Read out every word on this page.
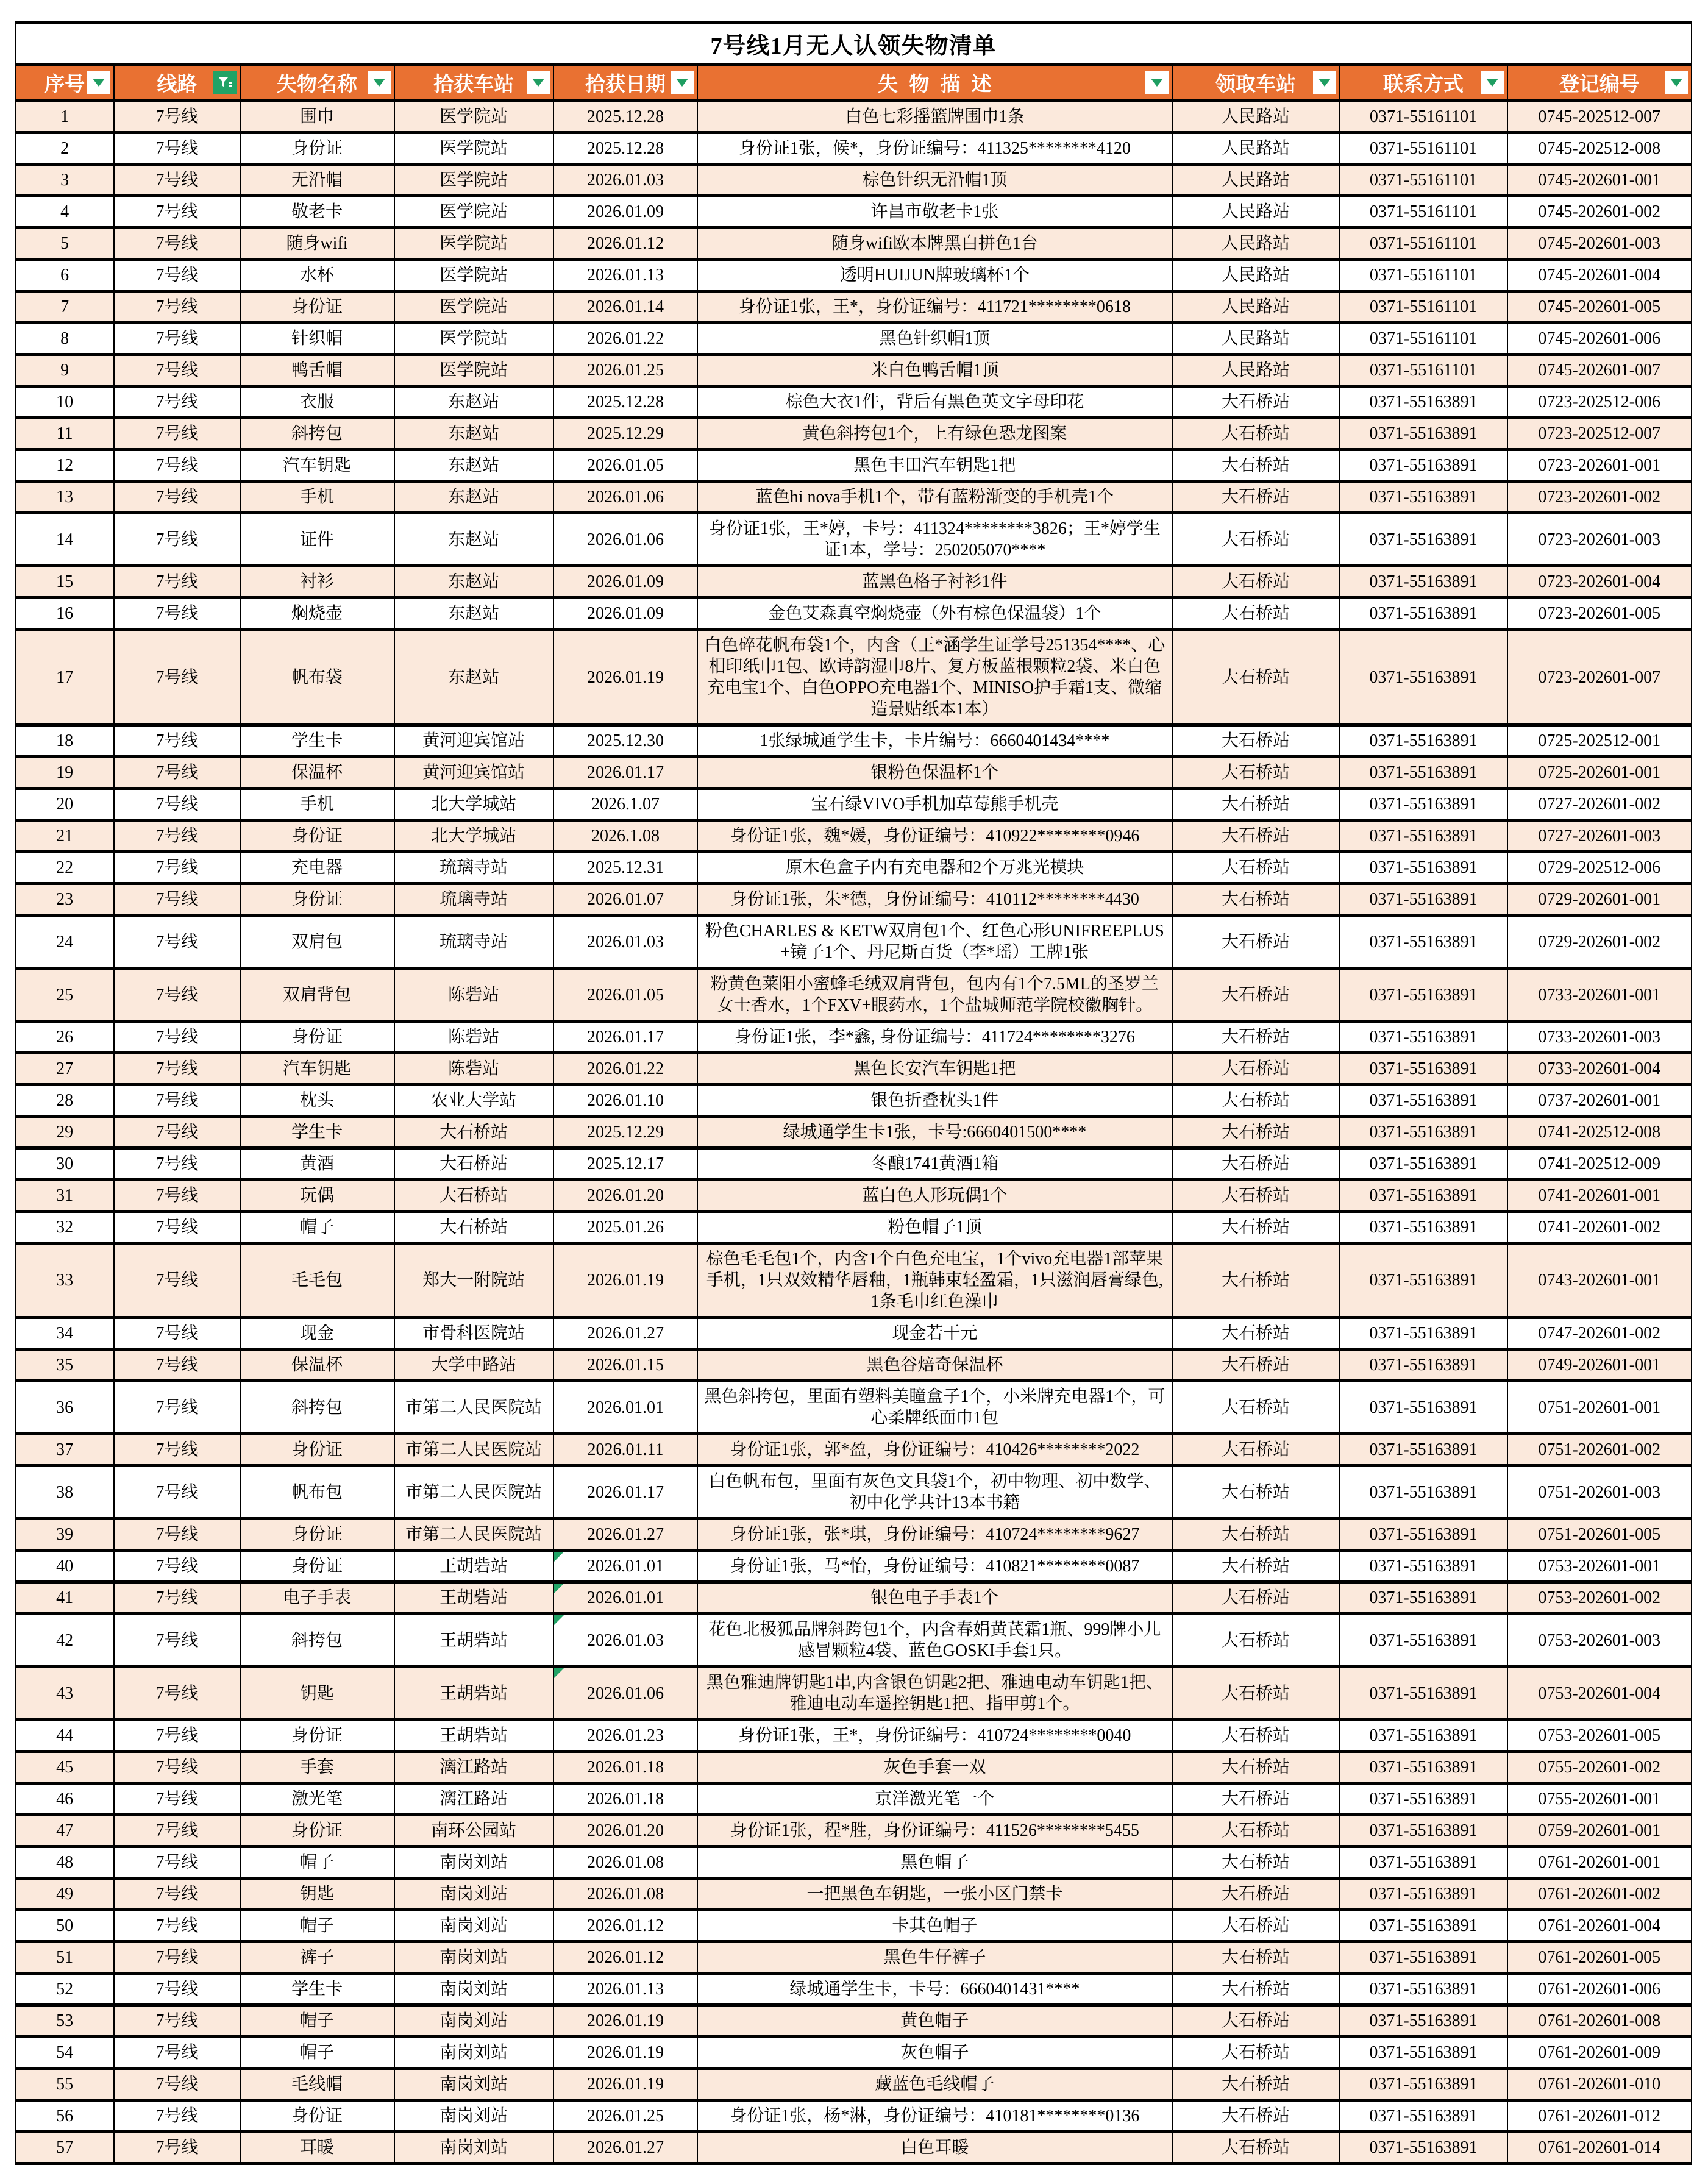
7号线1月无人认领失物清单								

序号	线路	失物名称	拾获车站	拾获日期	失物描述	领取车站	联系方式	登记编号

1	7号线	围巾	医学院站	2025.12.28	白色七彩摇篮牌围巾1条	人民路站	0371-55161101	0745-202512-007
2	7号线	身份证	医学院站	2025.12.28	身份证1张，候*，身份证编号：411325********4120	人民路站	0371-55161101	0745-202512-008
3	7号线	无沿帽	医学院站	2026.01.03	棕色针织无沿帽1顶	人民路站	0371-55161101	0745-202601-001
4	7号线	敬老卡	医学院站	2026.01.09	许昌市敬老卡1张	人民路站	0371-55161101	0745-202601-002
5	7号线	随身wifi	医学院站	2026.01.12	随身wifi欧本牌黑白拼色1台	人民路站	0371-55161101	0745-202601-003
6	7号线	水杯	医学院站	2026.01.13	透明HUIJUN牌玻璃杯1个	人民路站	0371-55161101	0745-202601-004
7	7号线	身份证	医学院站	2026.01.14	身份证1张，王*，身份证编号：411721********0618	人民路站	0371-55161101	0745-202601-005
8	7号线	针织帽	医学院站	2026.01.22	黑色针织帽1顶	人民路站	0371-55161101	0745-202601-006
9	7号线	鸭舌帽	医学院站	2026.01.25	米白色鸭舌帽1顶	人民路站	0371-55161101	0745-202601-007
10	7号线	衣服	东赵站	2025.12.28	棕色大衣1件，背后有黑色英文字母印花	大石桥站	0371-55163891	0723-202512-006
11	7号线	斜挎包	东赵站	2025.12.29	黄色斜挎包1个，上有绿色恐龙图案	大石桥站	0371-55163891	0723-202512-007
12	7号线	汽车钥匙	东赵站	2026.01.05	黑色丰田汽车钥匙1把	大石桥站	0371-55163891	0723-202601-001
13	7号线	手机	东赵站	2026.01.06	蓝色hi nova手机1个，带有蓝粉渐变的手机壳1个	大石桥站	0371-55163891	0723-202601-002
14	7号线	证件	东赵站	2026.01.06	身份证1张，王*婷，卡号：411324********3826；王*婷学生证1本，学号：250205070****	大石桥站	0371-55163891	0723-202601-003
15	7号线	衬衫	东赵站	2026.01.09	蓝黑色格子衬衫1件	大石桥站	0371-55163891	0723-202601-004
16	7号线	焖烧壶	东赵站	2026.01.09	金色艾森真空焖烧壶（外有棕色保温袋）1个	大石桥站	0371-55163891	0723-202601-005
17	7号线	帆布袋	东赵站	2026.01.19	白色碎花帆布袋1个，内含（王*涵学生证学号251354****、心相印纸巾1包、欧诗韵湿巾8片、复方板蓝根颗粒2袋、米白色充电宝1个、白色OPPO充电器1个、MINISO护手霜1支、微缩造景贴纸本1本）	大石桥站	0371-55163891	0723-202601-007
18	7号线	学生卡	黄河迎宾馆站	2025.12.30	1张绿城通学生卡，卡片编号：6660401434****	大石桥站	0371-55163891	0725-202512-001
19	7号线	保温杯	黄河迎宾馆站	2026.01.17	银粉色保温杯1个	大石桥站	0371-55163891	0725-202601-001
20	7号线	手机	北大学城站	2026.1.07	宝石绿VIVO手机加草莓熊手机壳	大石桥站	0371-55163891	0727-202601-002
21	7号线	身份证	北大学城站	2026.1.08	身份证1张，魏*媛，身份证编号：410922********0946	大石桥站	0371-55163891	0727-202601-003
22	7号线	充电器	琉璃寺站	2025.12.31	原木色盒子内有充电器和2个万兆光模块	大石桥站	0371-55163891	0729-202512-006
23	7号线	身份证	琉璃寺站	2026.01.07	身份证1张，朱*德，身份证编号：410112********4430	大石桥站	0371-55163891	0729-202601-001
24	7号线	双肩包	琉璃寺站	2026.01.03	粉色CHARLES & KETW双肩包1个、红色心形UNIFREEPLUS+镜子1个、丹尼斯百货（李*瑶）工牌1张	大石桥站	0371-55163891	0729-202601-002
25	7号线	双肩背包	陈砦站	2026.01.05	粉黄色莱阳小蜜蜂毛绒双肩背包，包内有1个7.5ML的圣罗兰女士香水，1个FXV+眼药水，1个盐城师范学院校徽胸针。	大石桥站	0371-55163891	0733-202601-001
26	7号线	身份证	陈砦站	2026.01.17	身份证1张，李*鑫, 身份证编号：411724********3276	大石桥站	0371-55163891	0733-202601-003
27	7号线	汽车钥匙	陈砦站	2026.01.22	黑色长安汽车钥匙1把	大石桥站	0371-55163891	0733-202601-004
28	7号线	枕头	农业大学站	2026.01.10	银色折叠枕头1件	大石桥站	0371-55163891	0737-202601-001
29	7号线	学生卡	大石桥站	2025.12.29	绿城通学生卡1张，卡号:6660401500****	大石桥站	0371-55163891	0741-202512-008
30	7号线	黄酒	大石桥站	2025.12.17	冬酿1741黄酒1箱	大石桥站	0371-55163891	0741-202512-009
31	7号线	玩偶	大石桥站	2026.01.20	蓝白色人形玩偶1个	大石桥站	0371-55163891	0741-202601-001
32	7号线	帽子	大石桥站	2025.01.26	粉色帽子1顶	大石桥站	0371-55163891	0741-202601-002
33	7号线	毛毛包	郑大一附院站	2026.01.19	棕色毛毛包1个，内含1个白色充电宝，1个vivo充电器1部苹果手机，1只双效精华唇釉，1瓶韩束轻盈霜，1只滋润唇膏绿色,1条毛巾红色澡巾	大石桥站	0371-55163891	0743-202601-001
34	7号线	现金	市骨科医院站	2026.01.27	现金若干元	大石桥站	0371-55163891	0747-202601-002
35	7号线	保温杯	大学中路站	2026.01.15	黑色谷焙奇保温杯	大石桥站	0371-55163891	0749-202601-001
36	7号线	斜挎包	市第二人民医院站	2026.01.01	黑色斜挎包，里面有塑料美瞳盒子1个，小米牌充电器1个，可心柔牌纸面巾1包	大石桥站	0371-55163891	0751-202601-001
37	7号线	身份证	市第二人民医院站	2026.01.11	身份证1张，郭*盈，身份证编号：410426********2022	大石桥站	0371-55163891	0751-202601-002
38	7号线	帆布包	市第二人民医院站	2026.01.17	白色帆布包，里面有灰色文具袋1个，初中物理、初中数学、初中化学共计13本书籍	大石桥站	0371-55163891	0751-202601-003
39	7号线	身份证	市第二人民医院站	2026.01.27	身份证1张，张*琪，身份证编号：410724********9627	大石桥站	0371-55163891	0751-202601-005
40	7号线	身份证	王胡砦站	2026.01.01	身份证1张，马*怡，身份证编号：410821********0087	大石桥站	0371-55163891	0753-202601-001
41	7号线	电子手表	王胡砦站	2026.01.01	银色电子手表1个	大石桥站	0371-55163891	0753-202601-002
42	7号线	斜挎包	王胡砦站	2026.01.03	花色北极狐品牌斜跨包1个，内含春娟黄芪霜1瓶、999牌小儿感冒颗粒4袋、蓝色GOSKI手套1只。	大石桥站	0371-55163891	0753-202601-003
43	7号线	钥匙	王胡砦站	2026.01.06	黑色雅迪牌钥匙1串,内含银色钥匙2把、雅迪电动车钥匙1把、雅迪电动车遥控钥匙1把、指甲剪1个。	大石桥站	0371-55163891	0753-202601-004
44	7号线	身份证	王胡砦站	2026.01.23	身份证1张，王*，身份证编号：410724********0040	大石桥站	0371-55163891	0753-202601-005
45	7号线	手套	漓江路站	2026.01.18	灰色手套一双	大石桥站	0371-55163891	0755-202601-002
46	7号线	激光笔	漓江路站	2026.01.18	京洋激光笔一个	大石桥站	0371-55163891	0755-202601-001
47	7号线	身份证	南环公园站	2026.01.20	身份证1张，程*胜，身份证编号：411526********5455	大石桥站	0371-55163891	0759-202601-001
48	7号线	帽子	南岗刘站	2026.01.08	黑色帽子	大石桥站	0371-55163891	0761-202601-001
49	7号线	钥匙	南岗刘站	2026.01.08	一把黑色车钥匙，一张小区门禁卡	大石桥站	0371-55163891	0761-202601-002
50	7号线	帽子	南岗刘站	2026.01.12	卡其色帽子	大石桥站	0371-55163891	0761-202601-004
51	7号线	裤子	南岗刘站	2026.01.12	黑色牛仔裤子	大石桥站	0371-55163891	0761-202601-005
52	7号线	学生卡	南岗刘站	2026.01.13	绿城通学生卡，卡号：6660401431****	大石桥站	0371-55163891	0761-202601-006
53	7号线	帽子	南岗刘站	2026.01.19	黄色帽子	大石桥站	0371-55163891	0761-202601-008
54	7号线	帽子	南岗刘站	2026.01.19	灰色帽子	大石桥站	0371-55163891	0761-202601-009
55	7号线	毛线帽	南岗刘站	2026.01.19	藏蓝色毛线帽子	大石桥站	0371-55163891	0761-202601-010
56	7号线	身份证	南岗刘站	2026.01.25	身份证1张，杨*淋，身份证编号：410181********0136	大石桥站	0371-55163891	0761-202601-012
57	7号线	耳暖	南岗刘站	2026.01.27	白色耳暖	大石桥站	0371-55163891	0761-202601-014
